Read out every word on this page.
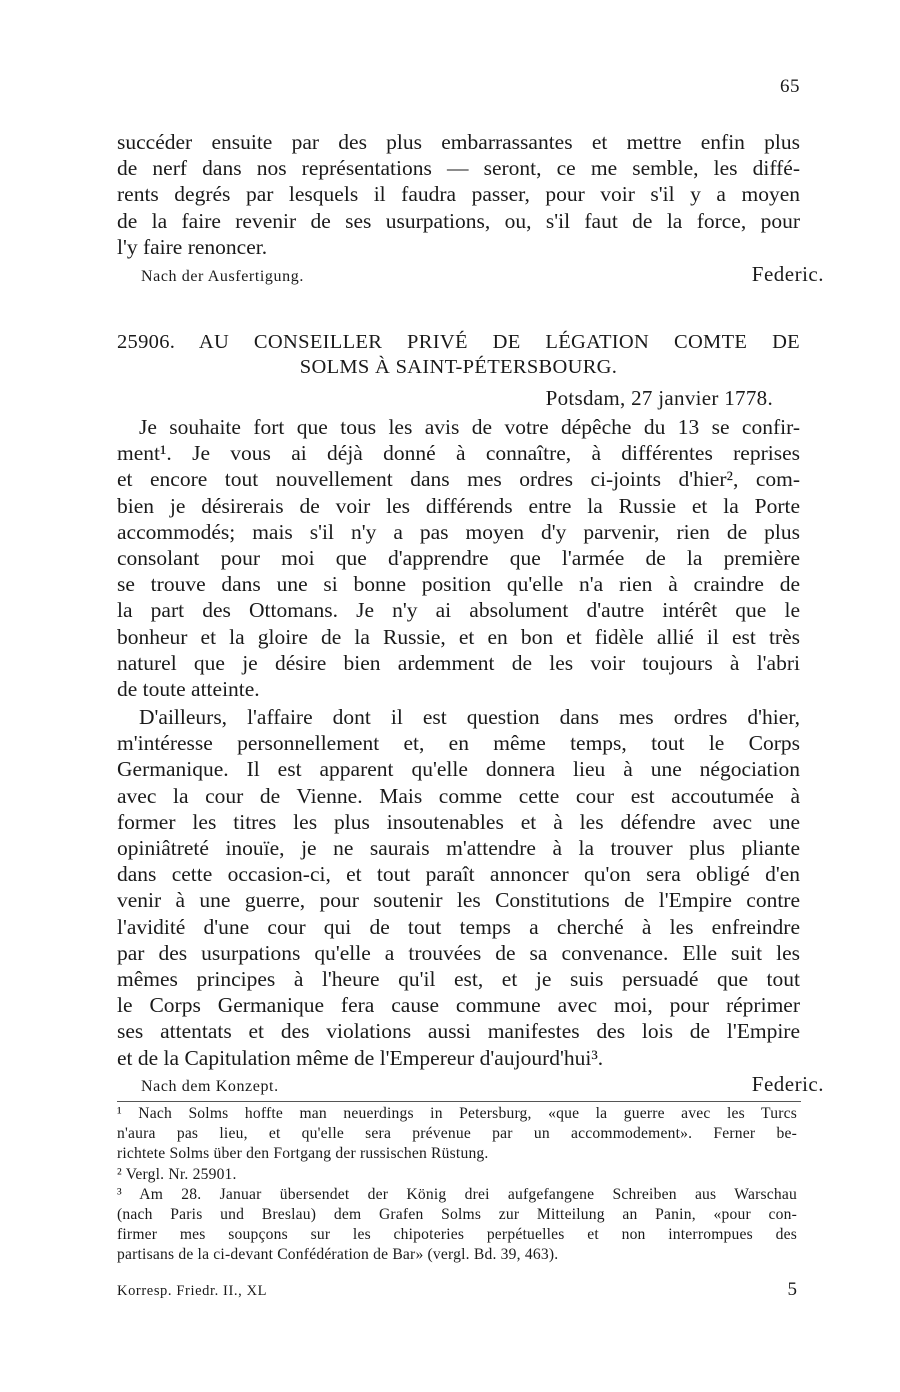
65

succéder ensuite par des plus embarrassantes et mettre enfin plus

de nerf dans nos représentations — seront, ce me semble, les diffé-

rents degrés par lesquels il faudra passer, pour voir s'il y a moyen

de la faire revenir de ses usurpations, ou, s'il faut de la force, pour

l'y faire renoncer.

Nach der Ausfertigung.	Federic.
25906. AU CONSEILLER PRIVÉ DE LÉGATION COMTE DE
SOLMS À SAINT-PÉTERSBOURG.
Potsdam, 27 janvier 1778.

Je souhaite fort que tous les avis de votre dépêche du 13 se confir-

ment¹. Je vous ai déjà donné à connaître, à différentes reprises

et encore tout nouvellement dans mes ordres ci-joints d'hier², com-

bien je désirerais de voir les différends entre la Russie et la Porte

accommodés; mais s'il n'y a pas moyen d'y parvenir, rien de plus

consolant pour moi que d'apprendre que l'armée de la première

se trouve dans une si bonne position qu'elle n'a rien à craindre de

la part des Ottomans. Je n'y ai absolument d'autre intérêt que le

bonheur et la gloire de la Russie, et en bon et fidèle allié il est très

naturel que je désire bien ardemment de les voir toujours à l'abri

de toute atteinte.

D'ailleurs, l'affaire dont il est question dans mes ordres d'hier,

m'intéresse personnellement et, en même temps, tout le Corps

Germanique. Il est apparent qu'elle donnera lieu à une négociation

avec la cour de Vienne. Mais comme cette cour est accoutumée à

former les titres les plus insoutenables et à les défendre avec une

opiniâtreté inouïe, je ne saurais m'attendre à la trouver plus pliante

dans cette occasion-ci, et tout paraît annoncer qu'on sera obligé d'en

venir à une guerre, pour soutenir les Constitutions de l'Empire contre

l'avidité d'une cour qui de tout temps a cherché à les enfreindre

par des usurpations qu'elle a trouvées de sa convenance. Elle suit les

mêmes principes à l'heure qu'il est, et je suis persuadé que tout

le Corps Germanique fera cause commune avec moi, pour réprimer

ses attentats et des violations aussi manifestes des lois de l'Empire

et de la Capitulation même de l'Empereur d'aujourd'hui³.

Nach dem Konzept.	Federic.

¹ Nach Solms hoffte man neuerdings in Petersburg, «que la guerre avec les Turcs

n'aura pas lieu, et qu'elle sera prévenue par un accommodement». Ferner be-

richtete Solms über den Fortgang der russischen Rüstung.

² Vergl. Nr. 25901.

³ Am 28. Januar übersendet der König drei aufgefangene Schreiben aus Warschau

(nach Paris und Breslau) dem Grafen Solms zur Mitteilung an Panin, «pour con-

firmer mes soupçons sur les chipoteries perpétuelles et non interrompues des

partisans de la ci-devant Confédération de Bar» (vergl. Bd. 39, 463).

Korresp. Friedr. II., XL	5
